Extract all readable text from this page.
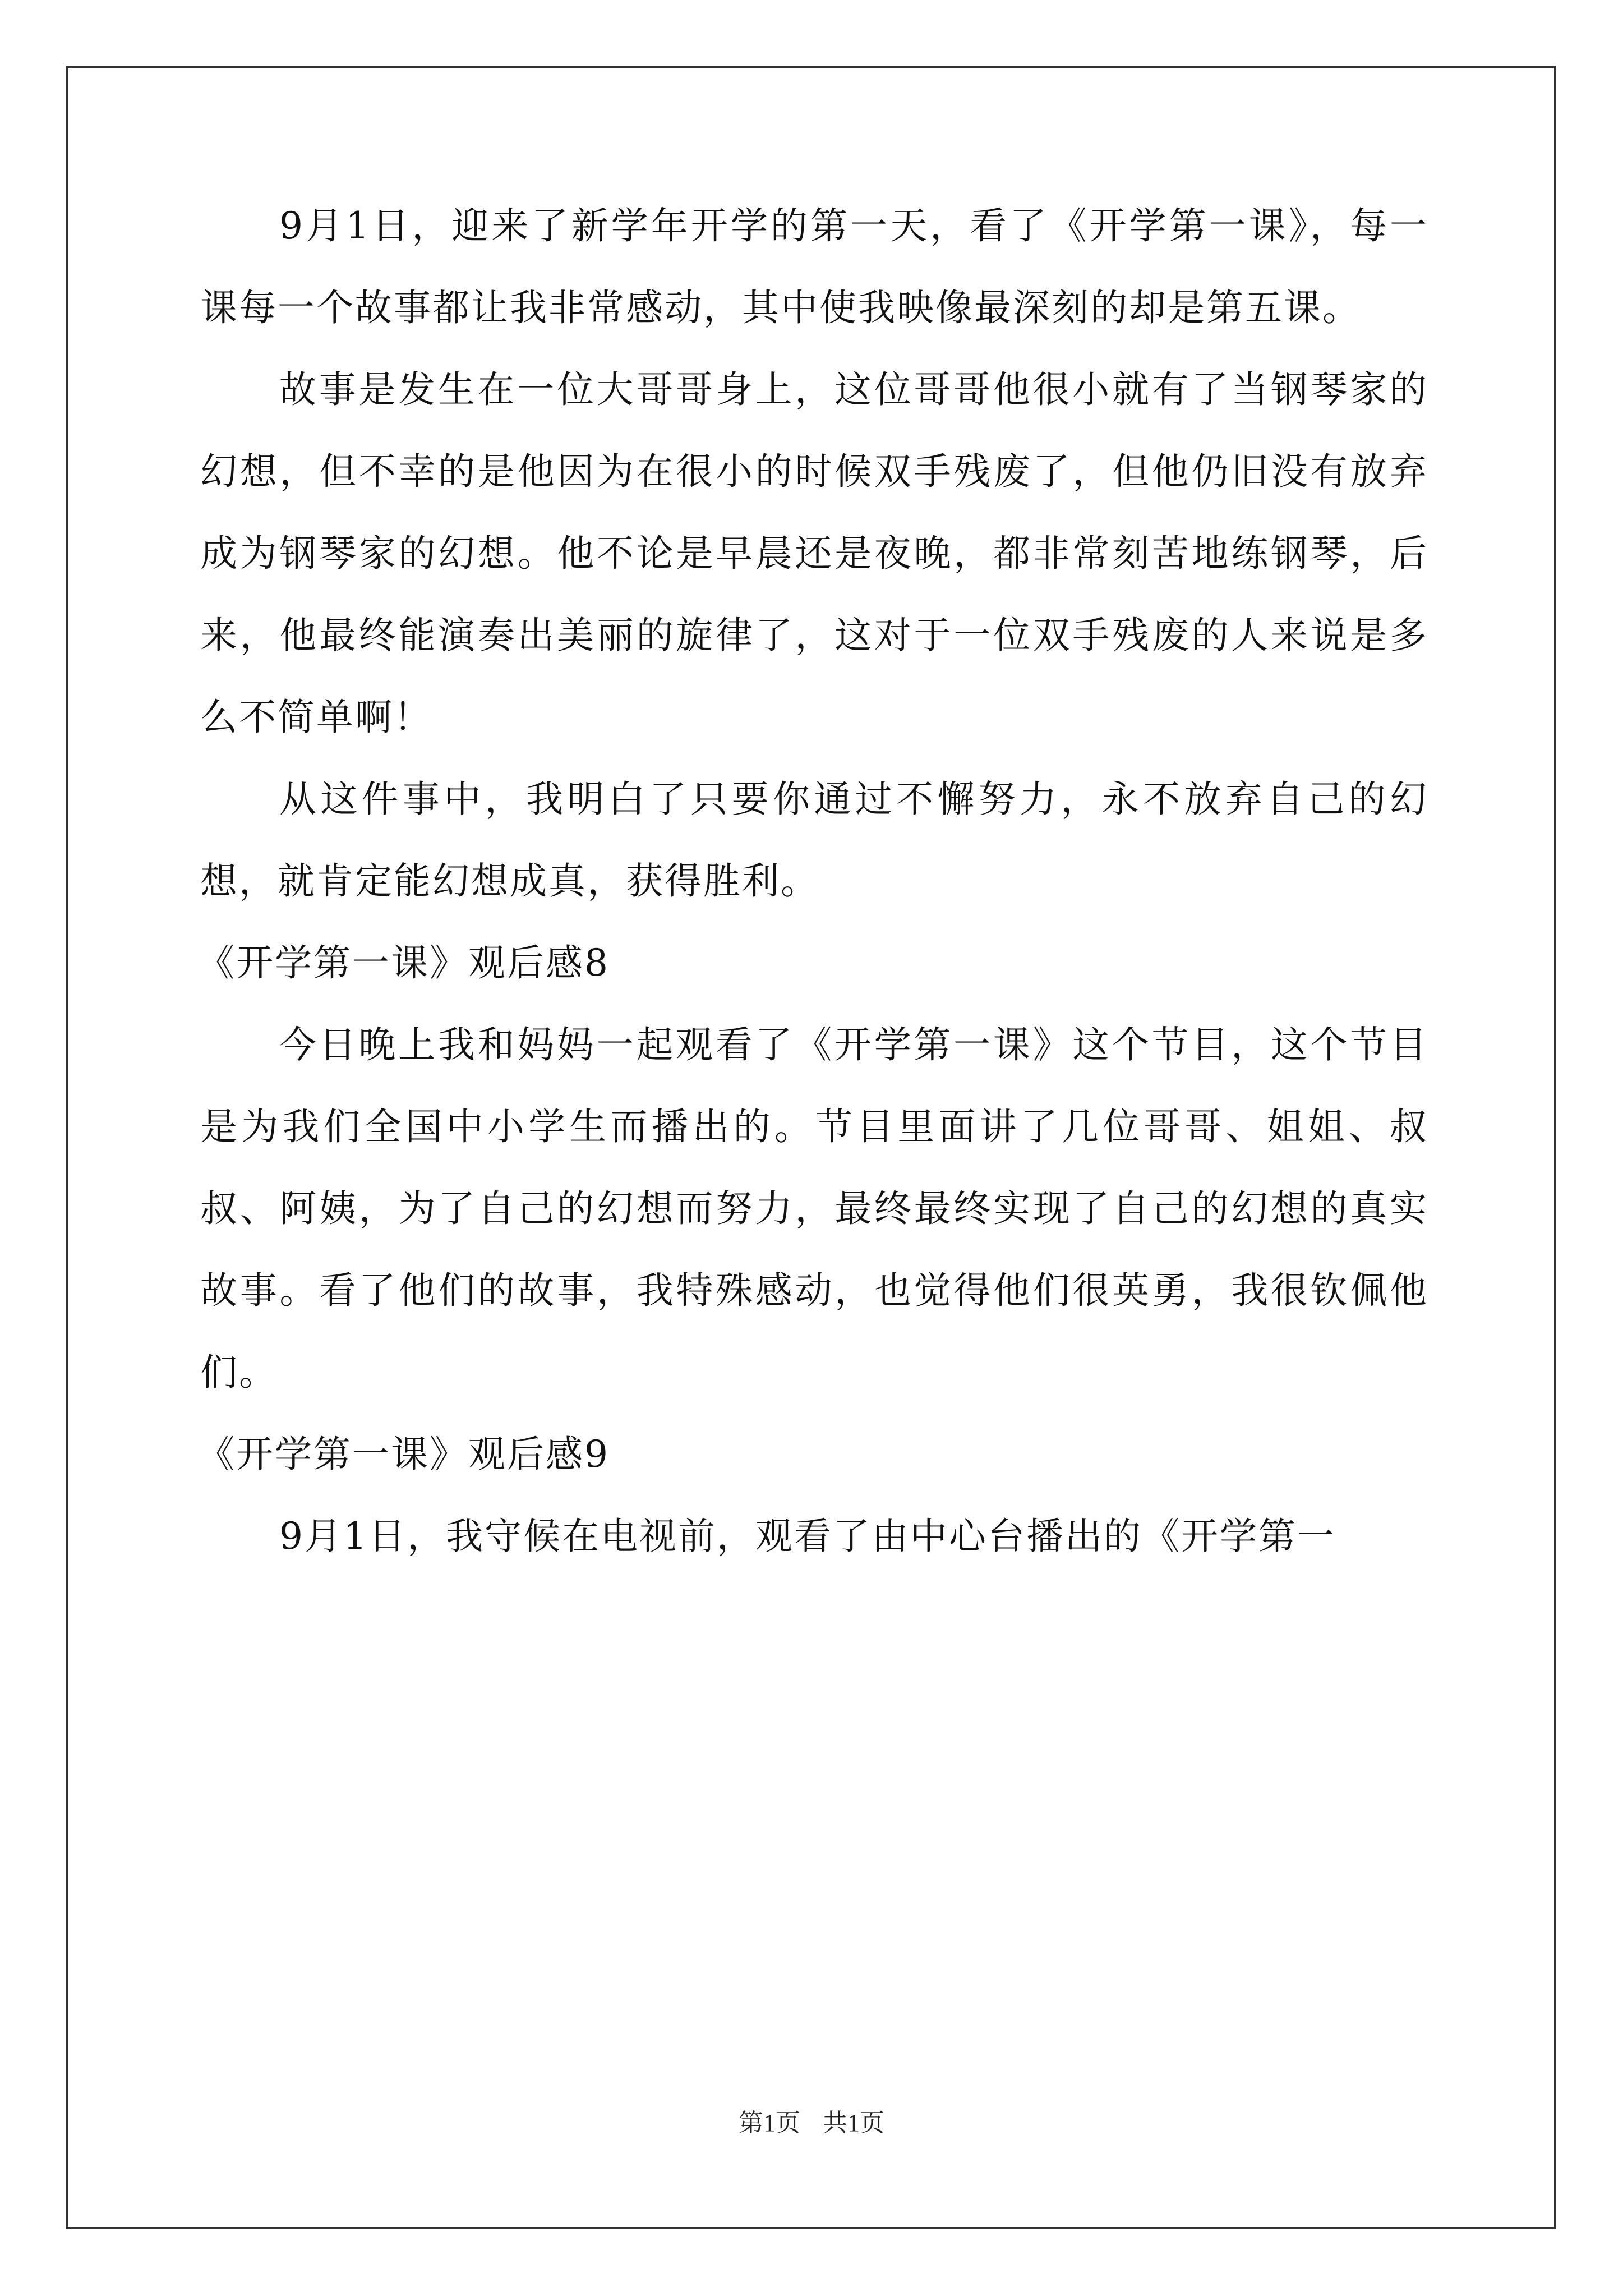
9月1日，迎来了新学年开学的第一天，看了《开学第一课》，每一课每一个故事都让我非常感动，其中使我映像最深刻的却是第五课。

故事是发生在一位大哥哥身上，这位哥哥他很小就有了当钢琴家的幻想，但不幸的是他因为在很小的时候双手残废了，但他仍旧没有放弃成为钢琴家的幻想。他不论是早晨还是夜晚，都非常刻苦地练钢琴，后来，他最终能演奏出美丽的旋律了，这对于一位双手残废的人来说是多么不简单啊！

从这件事中，我明白了只要你通过不懈努力，永不放弃自己的幻想，就肯定能幻想成真，获得胜利。

《开学第一课》观后感8

今日晚上我和妈妈一起观看了《开学第一课》这个节目，这个节目是为我们全国中小学生而播出的。节目里面讲了几位哥哥、姐姐、叔叔、阿姨，为了自己的幻想而努力，最终最终实现了自己的幻想的真实故事。看了他们的故事，我特殊感动，也觉得他们很英勇，我很钦佩他们。

《开学第一课》观后感9

9月1日，我守候在电视前，观看了由中心台播出的《开学第一

第1页 共1页
